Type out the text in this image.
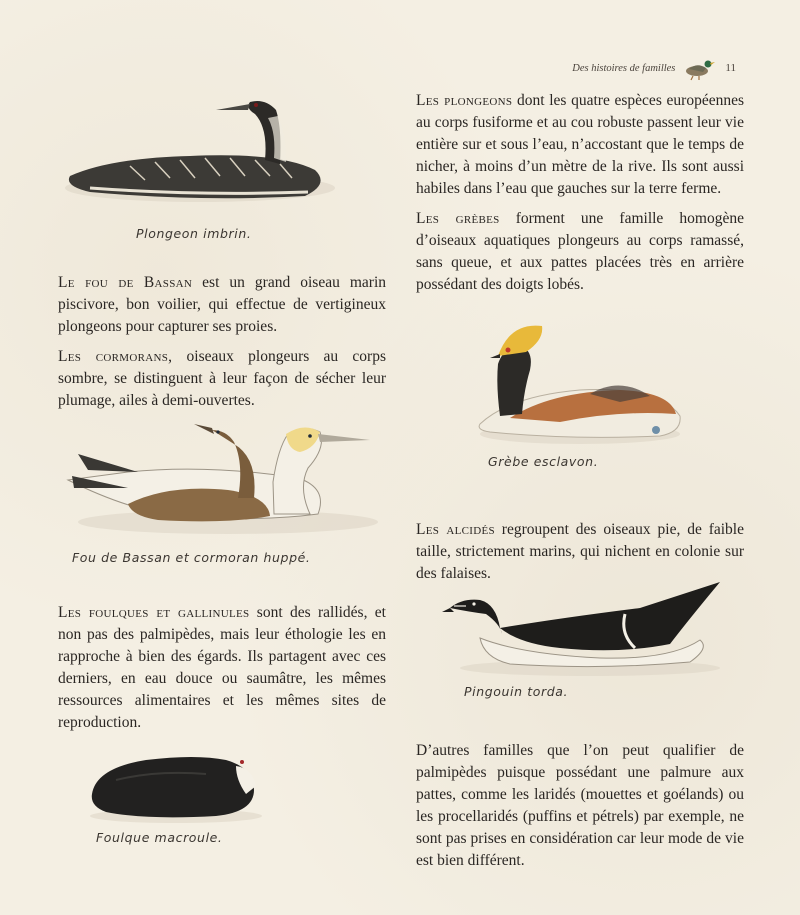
Des histoires de familles	11
Plongeon imbrin.

Les plongeons dont les quatre espèces européennes au corps fusiforme et au cou robuste passent leur vie entière sur et sous l’eau, n’accostant que le temps de nicher, à moins d’un mètre de la rive. Ils sont aussi habiles dans l’eau que gauches sur la terre ferme.

Les grèbes forment une famille homogène d’oiseaux aquatiques plongeurs au corps ramassé, sans queue, et aux pattes placées très en arrière possédant des doigts lobés.

Le fou de Bassan est un grand oiseau marin piscivore, bon voilier, qui effectue de vertigineux plongeons pour capturer ses proies.

Les cormorans, oiseaux plongeurs au corps sombre, se distinguent à leur façon de sécher leur plumage, ailes à demi-ouvertes.

Grèbe esclavon.
Fou de Bassan et cormoran huppé.

Les alcidés regroupent des oiseaux pie, de faible taille, strictement marins, qui nichent en colonie sur des falaises.

Pingouin torda.

Les foulques et gallinules sont des rallidés, et non pas des palmipèdes, mais leur éthologie les en rapproche à bien des égards. Ils partagent avec ces derniers, en eau douce ou saumâtre, les mêmes ressources alimentaires et les mêmes sites de reproduction.

Foulque macroule.

D’autres familles que l’on peut qualifier de palmipèdes puisque possédant une palmure aux pattes, comme les laridés (mouettes et goélands) ou les procellaridés (puffins et pétrels) par exemple, ne sont pas prises en considération car leur mode de vie est bien différent.
